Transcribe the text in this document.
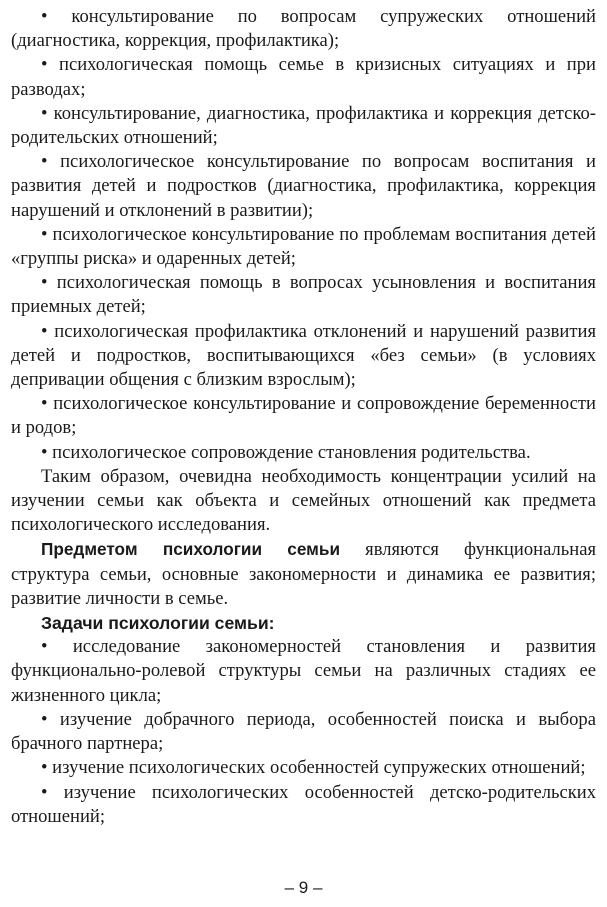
• консультирование по вопросам супружеских отношений (диагностика, коррекция, профилактика);

• психологическая помощь семье в кризисных ситуациях и при разводах;

• консультирование, диагностика, профилактика и коррекция детско-родительских отношений;

• психологическое консультирование по вопросам воспитания и развития детей и подростков (диагностика, профилактика, коррекция нарушений и отклонений в развитии);

• психологическое консультирование по проблемам воспитания детей «группы риска» и одаренных детей;

• психологическая помощь в вопросах усыновления и воспитания приемных детей;

• психологическая профилактика отклонений и нарушений развития детей и подростков, воспитывающихся «без семьи» (в условиях депривации общения с близким взрослым);

• психологическое консультирование и сопровождение беременности и родов;

• психологическое сопровождение становления родительства.

Таким образом, очевидна необходимость концентрации усилий на изучении семьи как объекта и семейных отношений как предмета психологического исследования.

Предметом психологии семьи являются функциональная структура семьи, основные закономерности и динамика ее развития; развитие личности в семье.

Задачи психологии семьи:

• исследование закономерностей становления и развития функционально-ролевой структуры семьи на различных стадиях ее жизненного цикла;

• изучение добрачного периода, особенностей поиска и выбора брачного партнера;

• изучение психологических особенностей супружеских отношений;

• изучение психологических особенностей детско-родительских отношений;

– 9 –
